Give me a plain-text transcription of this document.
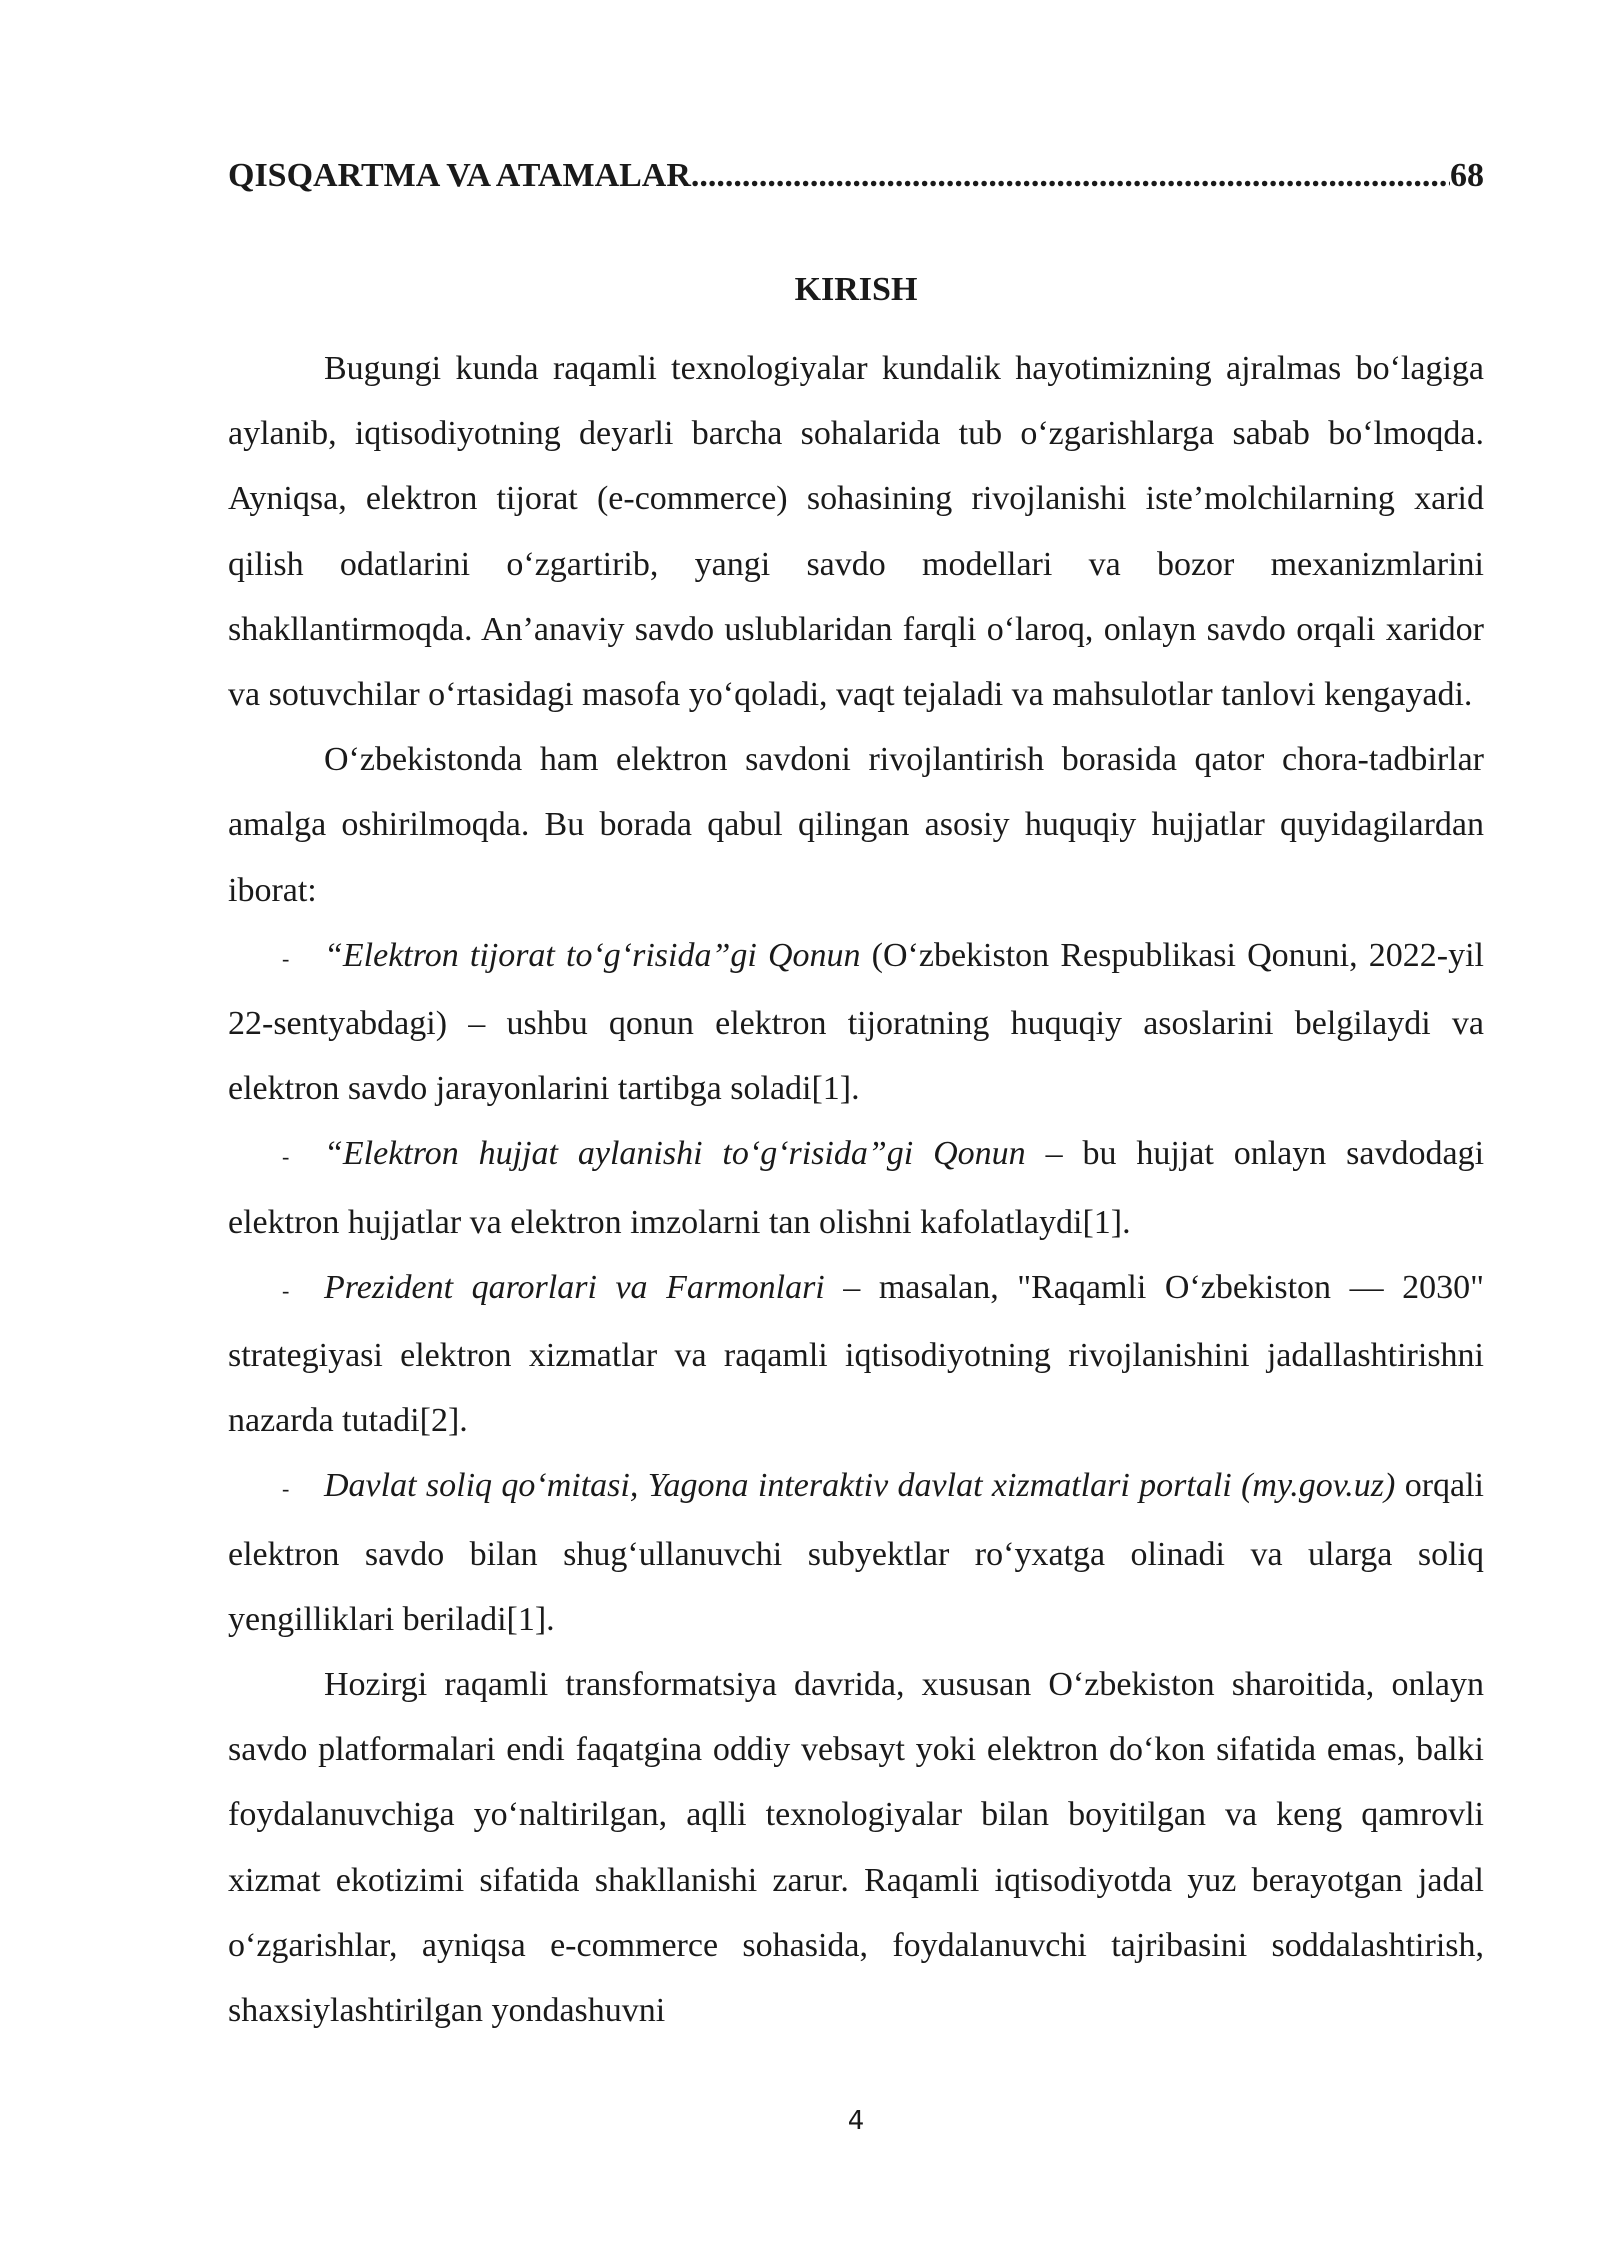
QISQARTMA VA ATAMALAR
.....	68
KIRISH

Bugungi kunda raqamli texnologiyalar kundalik hayotimizning ajralmas bo‘lagiga aylanib, iqtisodiyotning deyarli barcha sohalarida tub o‘zgarishlarga sabab bo‘lmoqda. Ayniqsa, elektron tijorat (e-commerce) sohasining rivojlanishi iste’molchilarning xarid qilish odatlarini o‘zgartirib, yangi savdo modellari va bozor mexanizmlarini shakllantirmoqda. An’anaviy savdo uslublaridan farqli o‘laroq, onlayn savdo orqali xaridor va sotuvchilar o‘rtasidagi masofa yo‘qoladi, vaqt tejaladi va mahsulotlar tanlovi kengayadi.

O‘zbekistonda ham elektron savdoni rivojlantirish borasida qator chora-tadbirlar amalga oshirilmoqda. Bu borada qabul qilingan asosiy huquqiy hujjatlar quyidagilardan iborat:

- “Elektron tijorat to‘g‘risida”gi Qonun (O‘zbekiston Respublikasi Qonuni, 2022-yil 22-sentyabdagi) – ushbu qonun elektron tijoratning huquqiy asoslarini belgilaydi va elektron savdo jarayonlarini tartibga soladi[1].

- “Elektron hujjat aylanishi to‘g‘risida”gi Qonun – bu hujjat onlayn savdodagi elektron hujjatlar va elektron imzolarni tan olishni kafolatlaydi[1].

- Prezident qarorlari va Farmonlari – masalan, "Raqamli O‘zbekiston — 2030" strategiyasi elektron xizmatlar va raqamli iqtisodiyotning rivojlanishini jadallashtirishni nazarda tutadi[2].

- Davlat soliq qo‘mitasi, Yagona interaktiv davlat xizmatlari portali (my.gov.uz) orqali elektron savdo bilan shug‘ullanuvchi subyektlar ro‘yxatga olinadi va ularga soliq yengilliklari beriladi[1].

Hozirgi raqamli transformatsiya davrida, xususan O‘zbekiston sharoitida, onlayn savdo platformalari endi faqatgina oddiy vebsayt yoki elektron do‘kon sifatida emas, balki foydalanuvchiga yo‘naltirilgan, aqlli texnologiyalar bilan boyitilgan va keng qamrovli xizmat ekotizimi sifatida shakllanishi zarur. Raqamli iqtisodiyotda yuz berayotgan jadal o‘zgarishlar, ayniqsa e-commerce sohasida, foydalanuvchi tajribasini soddalashtirish, shaxsiylashtirilgan yondashuvni

4
